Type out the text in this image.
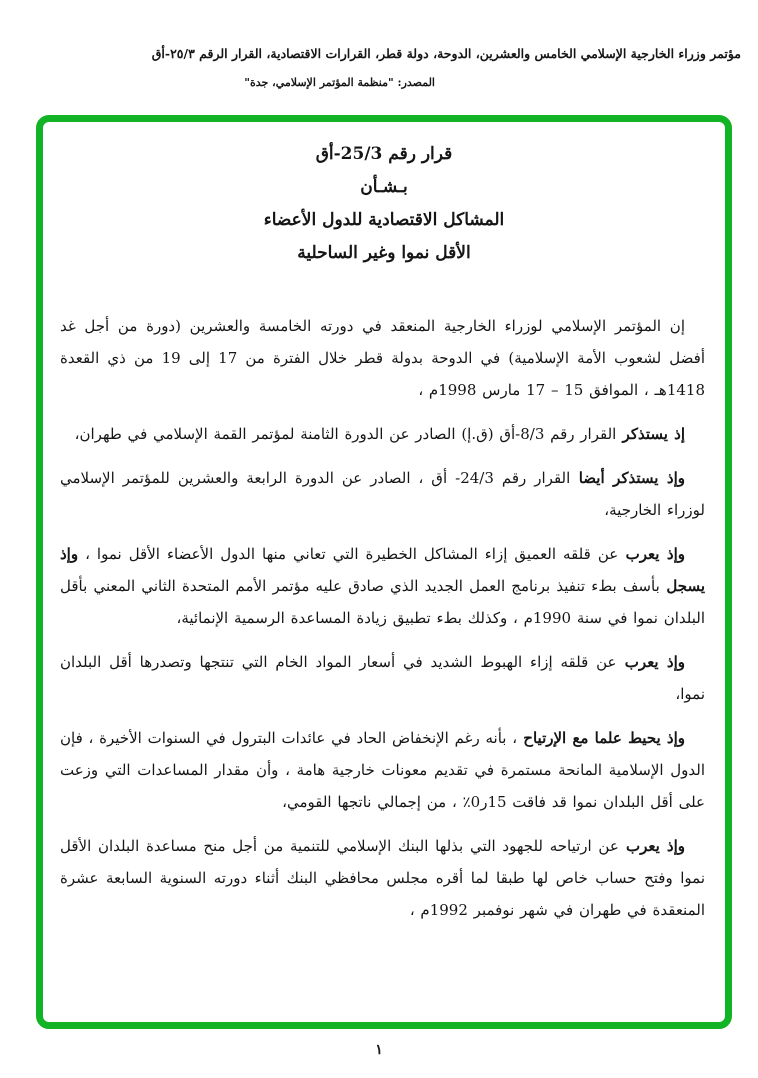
مؤتمر وزراء الخارجية الإسلامي الخامس والعشرين، الدوحة، دولة قطر، القرارات الاقتصادية، القرار الرقم ٢٥/٣-أق
المصدر: "منظمة المؤتمر الإسلامي، جدة"
قرار رقم 25/3-أق
بـشـأن
المشاكل الاقتصادية للدول الأعضاء
الأقل نموا وغير الساحلية

إن المؤتمر الإسلامي لوزراء الخارجية المنعقد في دورته الخامسة والعشرين (دورة من أجل غد أفضل لشعوب الأمة الإسلامية) في الدوحة بدولة قطر خلال الفترة من 17 إلى 19 من ذي القعدة 1418هـ ، الموافق 15 – 17 مارس 1998م ،

إذ يستذكر القرار رقم 8/3-أق (ق.إ) الصادر عن الدورة الثامنة لمؤتمر القمة الإسلامي في طهران،

وإذ يستذكر أيضا القرار رقم 24/3- أق ، الصادر عن الدورة الرابعة والعشرين للمؤتمر الإسلامي لوزراء الخارجية،

وإذ يعرب عن قلقه العميق إزاء المشاكل الخطيرة التي تعاني منها الدول الأعضاء الأقل نموا ، وإذ يسجل بأسف بطء تنفيذ برنامج العمل الجديد الذي صادق عليه مؤتمر الأمم المتحدة الثاني المعني بأقل البلدان نموا في سنة 1990م ، وكذلك بطء تطبيق زيادة المساعدة الرسمية الإنمائية،

وإذ يعرب عن قلقه إزاء الهبوط الشديد في أسعار المواد الخام التي تنتجها وتصدرها أقل البلدان نموا،

وإذ يحيط علما مع الإرتياح ، بأنه رغم الإنخفاض الحاد في عائدات البترول في السنوات الأخيرة ، فإن الدول الإسلامية المانحة مستمرة في تقديم معونات خارجية هامة ، وأن مقدار المساعدات التي وزعت على أقل البلدان نموا قد فاقت 15ر0٪ ، من إجمالي ناتجها القومي،

وإذ يعرب عن ارتياحه للجهود التي بذلها البنك الإسلامي للتنمية من أجل منح مساعدة البلدان الأقل نموا وفتح حساب خاص لها طبقا لما أقره مجلس محافظي البنك أثناء دورته السنوية السابعة عشرة المنعقدة في طهران في شهر نوفمبر 1992م ،

١
